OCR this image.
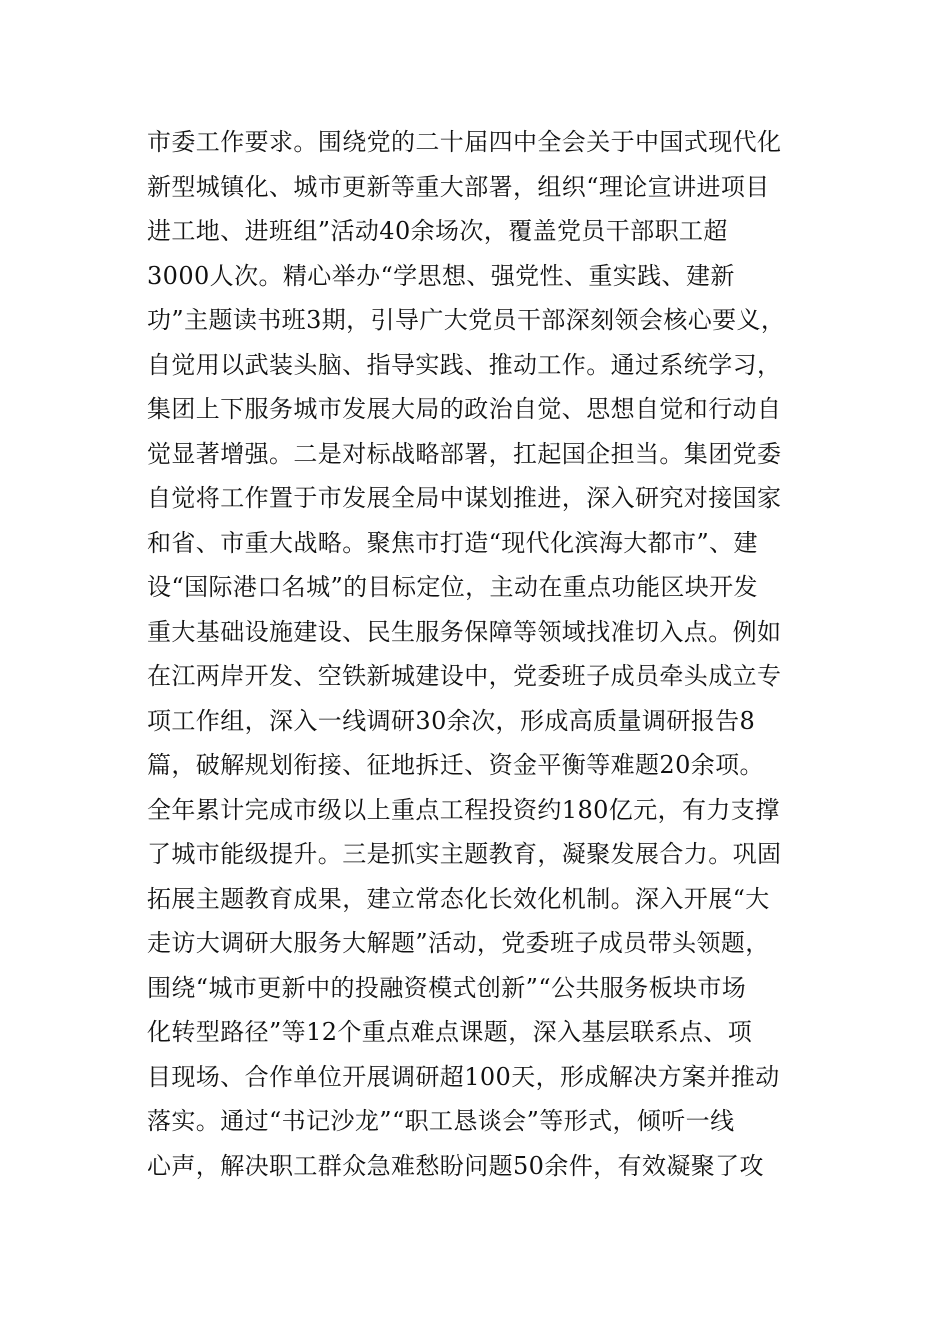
市委工作要求。围绕党的二十届四中全会关于中国式现代化
新型城镇化、城市更新等重大部署，组织“理论宣讲进项目
进工地、进班组”活动40余场次，覆盖党员干部职工超
3000人次。精心举办“学思想、强党性、重实践、建新
功”主题读书班3期，引导广大党员干部深刻领会核心要义，
自觉用以武装头脑、指导实践、推动工作。通过系统学习，
集团上下服务城市发展大局的政治自觉、思想自觉和行动自
觉显著增强。二是对标战略部署，扛起国企担当。集团党委
自觉将工作置于市发展全局中谋划推进，深入研究对接国家
和省、市重大战略。聚焦市打造“现代化滨海大都市”、建
设“国际港口名城”的目标定位，主动在重点功能区块开发
重大基础设施建设、民生服务保障等领域找准切入点。例如
在江两岸开发、空铁新城建设中，党委班子成员牵头成立专
项工作组，深入一线调研30余次，形成高质量调研报告8
篇，破解规划衔接、征地拆迁、资金平衡等难题20余项。
全年累计完成市级以上重点工程投资约180亿元，有力支撑
了城市能级提升。三是抓实主题教育，凝聚发展合力。巩固
拓展主题教育成果，建立常态化长效化机制。深入开展“大
走访大调研大服务大解题”活动，党委班子成员带头领题，
围绕“城市更新中的投融资模式创新”“公共服务板块市场
化转型路径”等12个重点难点课题，深入基层联系点、项
目现场、合作单位开展调研超100天，形成解决方案并推动
落实。通过“书记沙龙”“职工恳谈会”等形式，倾听一线
心声，解决职工群众急难愁盼问题50余件，有效凝聚了攻
